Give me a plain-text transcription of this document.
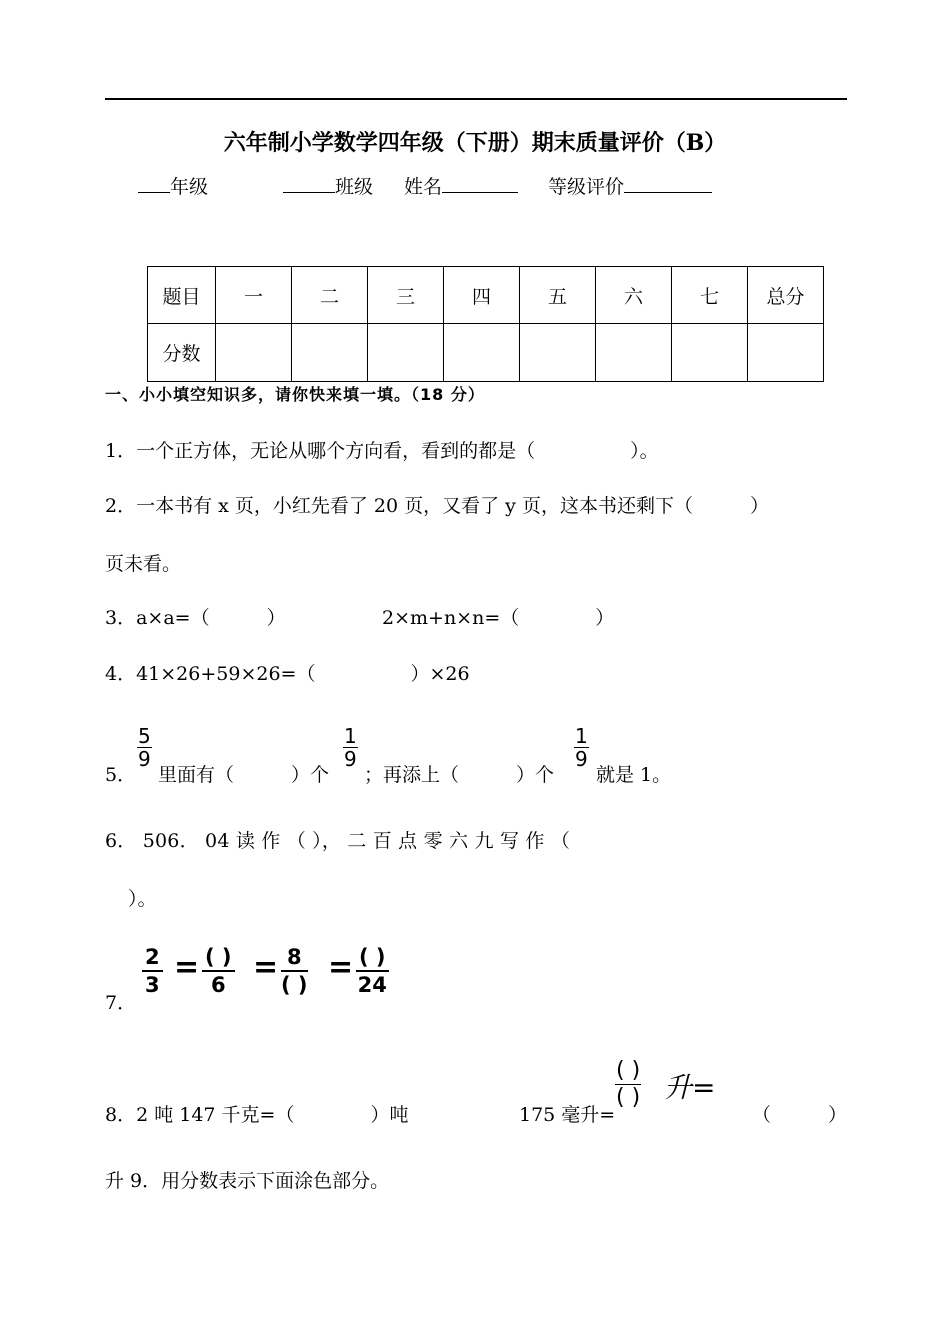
六年制小学数学四年级（下册）期末质量评价（B）
年级	班级 姓名	等级评价
题目	一	二	三	四	五	六	七	总分
分数								
一、小小填空知识多，请你快来填一填。（18 分）
1．一个正方体，无论从哪个方向看，看到的都是（　　　　　）。
2．一本书有 x 页，小红先看了 20 页，又看了 y 页，这本书还剩下（　　　）
页未看。
3．a×a=（　　　）	2×m+n×n=（　　　　）
4．41×26+59×26=（　　　　　）×26
5．
$\frac{5}{9}$
里面有（　　　）个
$\frac{1}{9}$
；再添上（　　　）个
$\frac{1}{9}$
就是 1。
6． 506． 04 读 作 （ ）， 二 百 点 零 六 九 写 作 （
）。
7．
$\frac{2}{3}$ = ( )
6 = 8
( ) = ( )
24
8．2 吨 147 千克=（　　　　）吨	175 毫升=
( )
( ) 升=
（　　　）
升 9．用分数表示下面涂色部分。
